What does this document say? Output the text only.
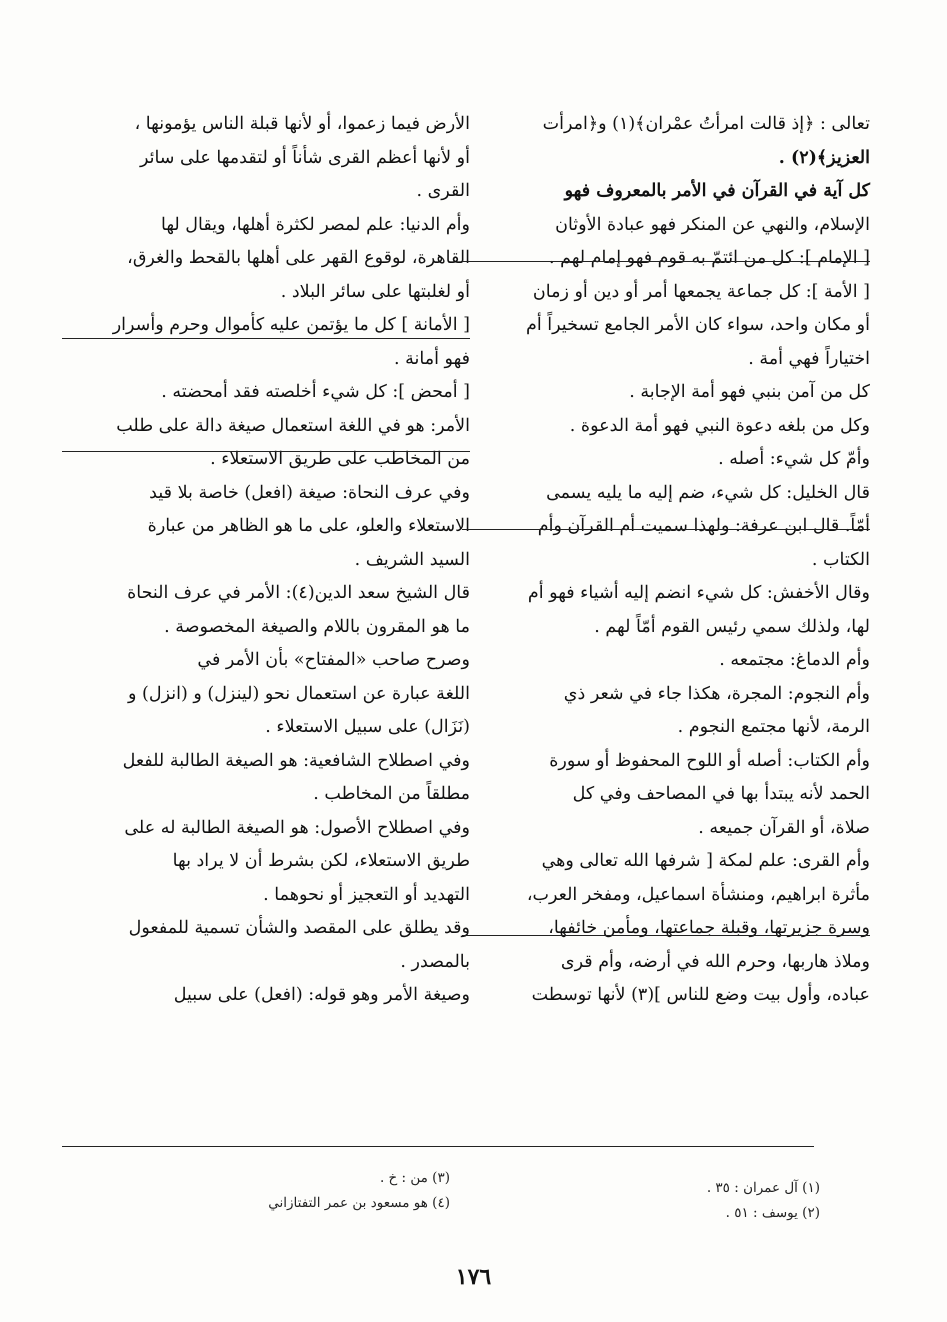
تعالى : ﴿إذ قالت امرأتُ عمْران﴾(١) و﴿امرأت
العزيز﴾(٢) .
كل آية في القرآن في الأمر بالمعروف فهو
الإسلام، والنهي عن المنكر فهو عبادة الأوثان
[ الإمام ]: كل من ائتمّ به قوم فهو إمام لهم .
[ الأمة ]: كل جماعة يجمعها أمر أو دين أو زمان
أو مكان واحد، سواء كان الأمر الجامع تسخيراً أم
اختياراً فهي أمة .
كل من آمن بنبي فهو أمة الإجابة .
وكل من بلغه دعوة النبي فهو أمة الدعوة .
وأمّ كل شيء: أصله .
قال الخليل: كل شيء، ضم إليه ما يليه يسمى
أمّاً. قال ابن عرفة: ولهذا سميت أم القرآن وأم
الكتاب .
وقال الأخفش: كل شيء انضم إليه أشياء فهو أم
لها، ولذلك سمي رئيس القوم أمّاً لهم .
وأم الدماغ: مجتمعه .
وأم النجوم: المجرة، هكذا جاء في شعر ذي
الرمة، لأنها مجتمع النجوم .
وأم الكتاب: أصله أو اللوح المحفوظ أو سورة
الحمد لأنه يبتدأ بها في المصاحف وفي كل
صلاة، أو القرآن جميعه .
وأم القرى: علم لمكة [ شرفها الله تعالى وهي
مأثرة ابراهيم، ومنشأة اسماعيل، ومفخر العرب،
وسرة جزيرتها، وقبلة جماعتها، ومأمن خائفها،
وملاذ هاربها، وحرم الله في أرضه، وأم قرى
عباده، وأول بيت وضع للناس ](٣) لأنها توسطت
الأرض فيما زعموا، أو لأنها قبلة الناس يؤمونها ،
أو لأنها أعظم القرى شأناً أو لتقدمها على سائر
القرى .
وأم الدنيا: علم لمصر لكثرة أهلها، ويقال لها
القاهرة، لوقوع القهر على أهلها بالقحط والغرق،
أو لغلبتها على سائر البلاد .
[ الأمانة ] كل ما يؤتمن عليه كأموال وحرم وأسرار
فهو أمانة .
[ أمحض ]: كل شيء أخلصته فقد أمحضته .
الأمر: هو في اللغة استعمال صيغة دالة على طلب
من المخاطب على طريق الاستعلاء .
وفي عرف النحاة: صيغة (افعل) خاصة بلا قيد
الاستعلاء والعلو، على ما هو الظاهر من عبارة
السيد الشريف .
قال الشيخ سعد الدين(٤): الأمر في عرف النحاة
ما هو المقرون باللام والصيغة المخصوصة .
وصرح صاحب «المفتاح» بأن الأمر في
اللغة عبارة عن استعمال نحو (لينزل) و (انزل) و
(نَزَال) على سبيل الاستعلاء .
وفي اصطلاح الشافعية: هو الصيغة الطالبة للفعل
مطلقاً من المخاطب .
وفي اصطلاح الأصول: هو الصيغة الطالبة له على
طريق الاستعلاء، لكن بشرط أن لا يراد بها
التهديد أو التعجيز أو نحوهما .
وقد يطلق على المقصد والشأن تسمية للمفعول
بالمصدر .
وصيغة الأمر وهو قوله: (افعل) على سبيل
(١) آل عمران : ٣٥ .
(٢) يوسف : ٥١ .
(٣) من : خ .
(٤) هو مسعود بن عمر التفتازاني
١٧٦
